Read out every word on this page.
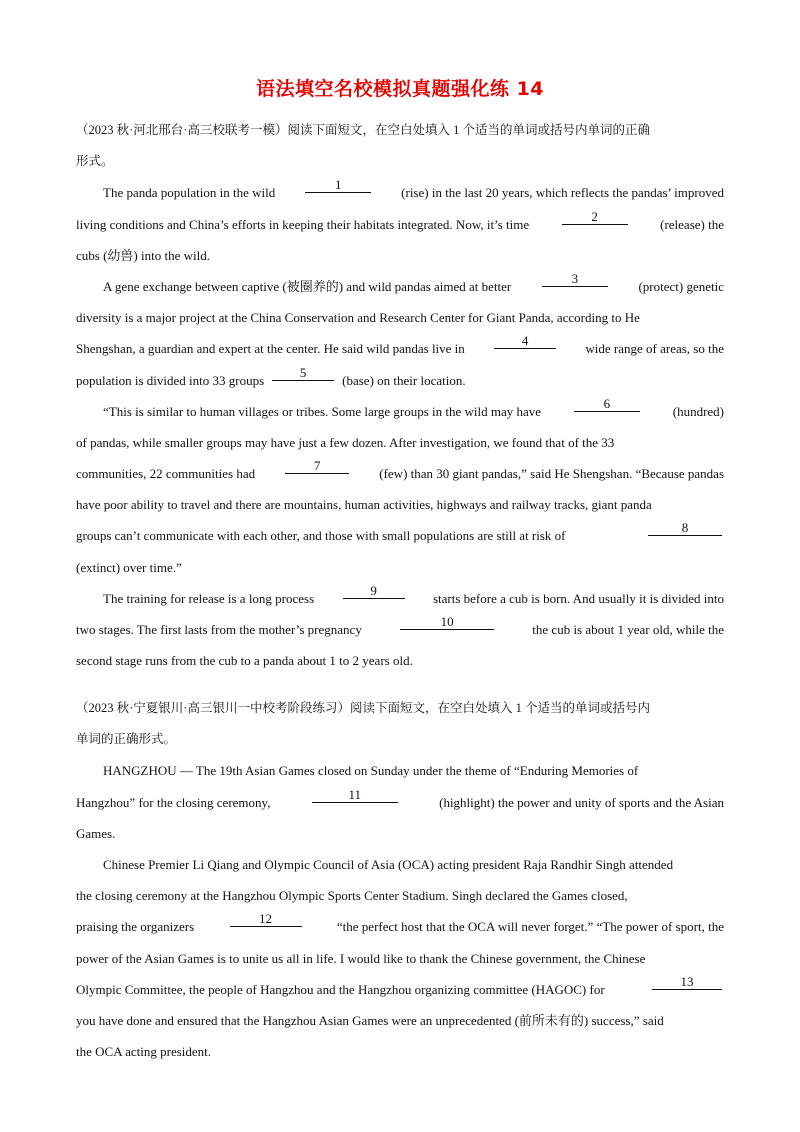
语法填空名校模拟真题强化练 14
（2023 秋·河北邢台·高三校联考一模）阅读下面短文，在空白处填入 1 个适当的单词或括号内单词的正确
形式。
The panda population in the wild
1
(rise) in the last 20 years, which reflects the pandas’ improved
living conditions and China’s efforts in keeping their habitats integrated. Now, it’s time
2
(release) the
cubs (幼兽) into the wild.
A gene exchange between captive (被圈养的) and wild pandas aimed at better
3
(protect) genetic
diversity is a major project at the China Conservation and Research Center for Giant Panda, according to He
Shengshan, a guardian and expert at the center. He said wild pandas live in
4
wide range of areas, so the
population is divided into 33 groups
5
(base) on their location.
“This is similar to human villages or tribes. Some large groups in the wild may have
6
(hundred)
of pandas, while smaller groups may have just a few dozen. After investigation, we found that of the 33
communities, 22 communities had
7
(few) than 30 giant pandas,” said He Shengshan. “Because pandas
have poor ability to travel and there are mountains, human activities, highways and railway tracks, giant panda
groups can’t communicate with each other, and those with small populations are still at risk of
8
(extinct) over time.”
The training for release is a long process
9
starts before a cub is born. And usually it is divided into
two stages. The first lasts from the mother’s pregnancy
10
the cub is about 1 year old, while the
second stage runs from the cub to a panda about 1 to 2 years old.
（2023 秋·宁夏银川·高三银川一中校考阶段练习）阅读下面短文，在空白处填入 1 个适当的单词或括号内
单词的正确形式。
HANGZHOU — The 19th Asian Games closed on Sunday under the theme of “Enduring Memories of
Hangzhou” for the closing ceremony,
11
(highlight) the power and unity of sports and the Asian
Games.
Chinese Premier Li Qiang and Olympic Council of Asia (OCA) acting president Raja Randhir Singh attended
the closing ceremony at the Hangzhou Olympic Sports Center Stadium. Singh declared the Games closed,
praising the organizers
12
“the perfect host that the OCA will never forget.” “The power of sport, the
power of the Asian Games is to unite us all in life. I would like to thank the Chinese government, the Chinese
Olympic Committee, the people of Hangzhou and the Hangzhou organizing committee (HAGOC) for
13
you have done and ensured that the Hangzhou Asian Games were an unprecedented (前所未有的) success,” said
the OCA acting president.
